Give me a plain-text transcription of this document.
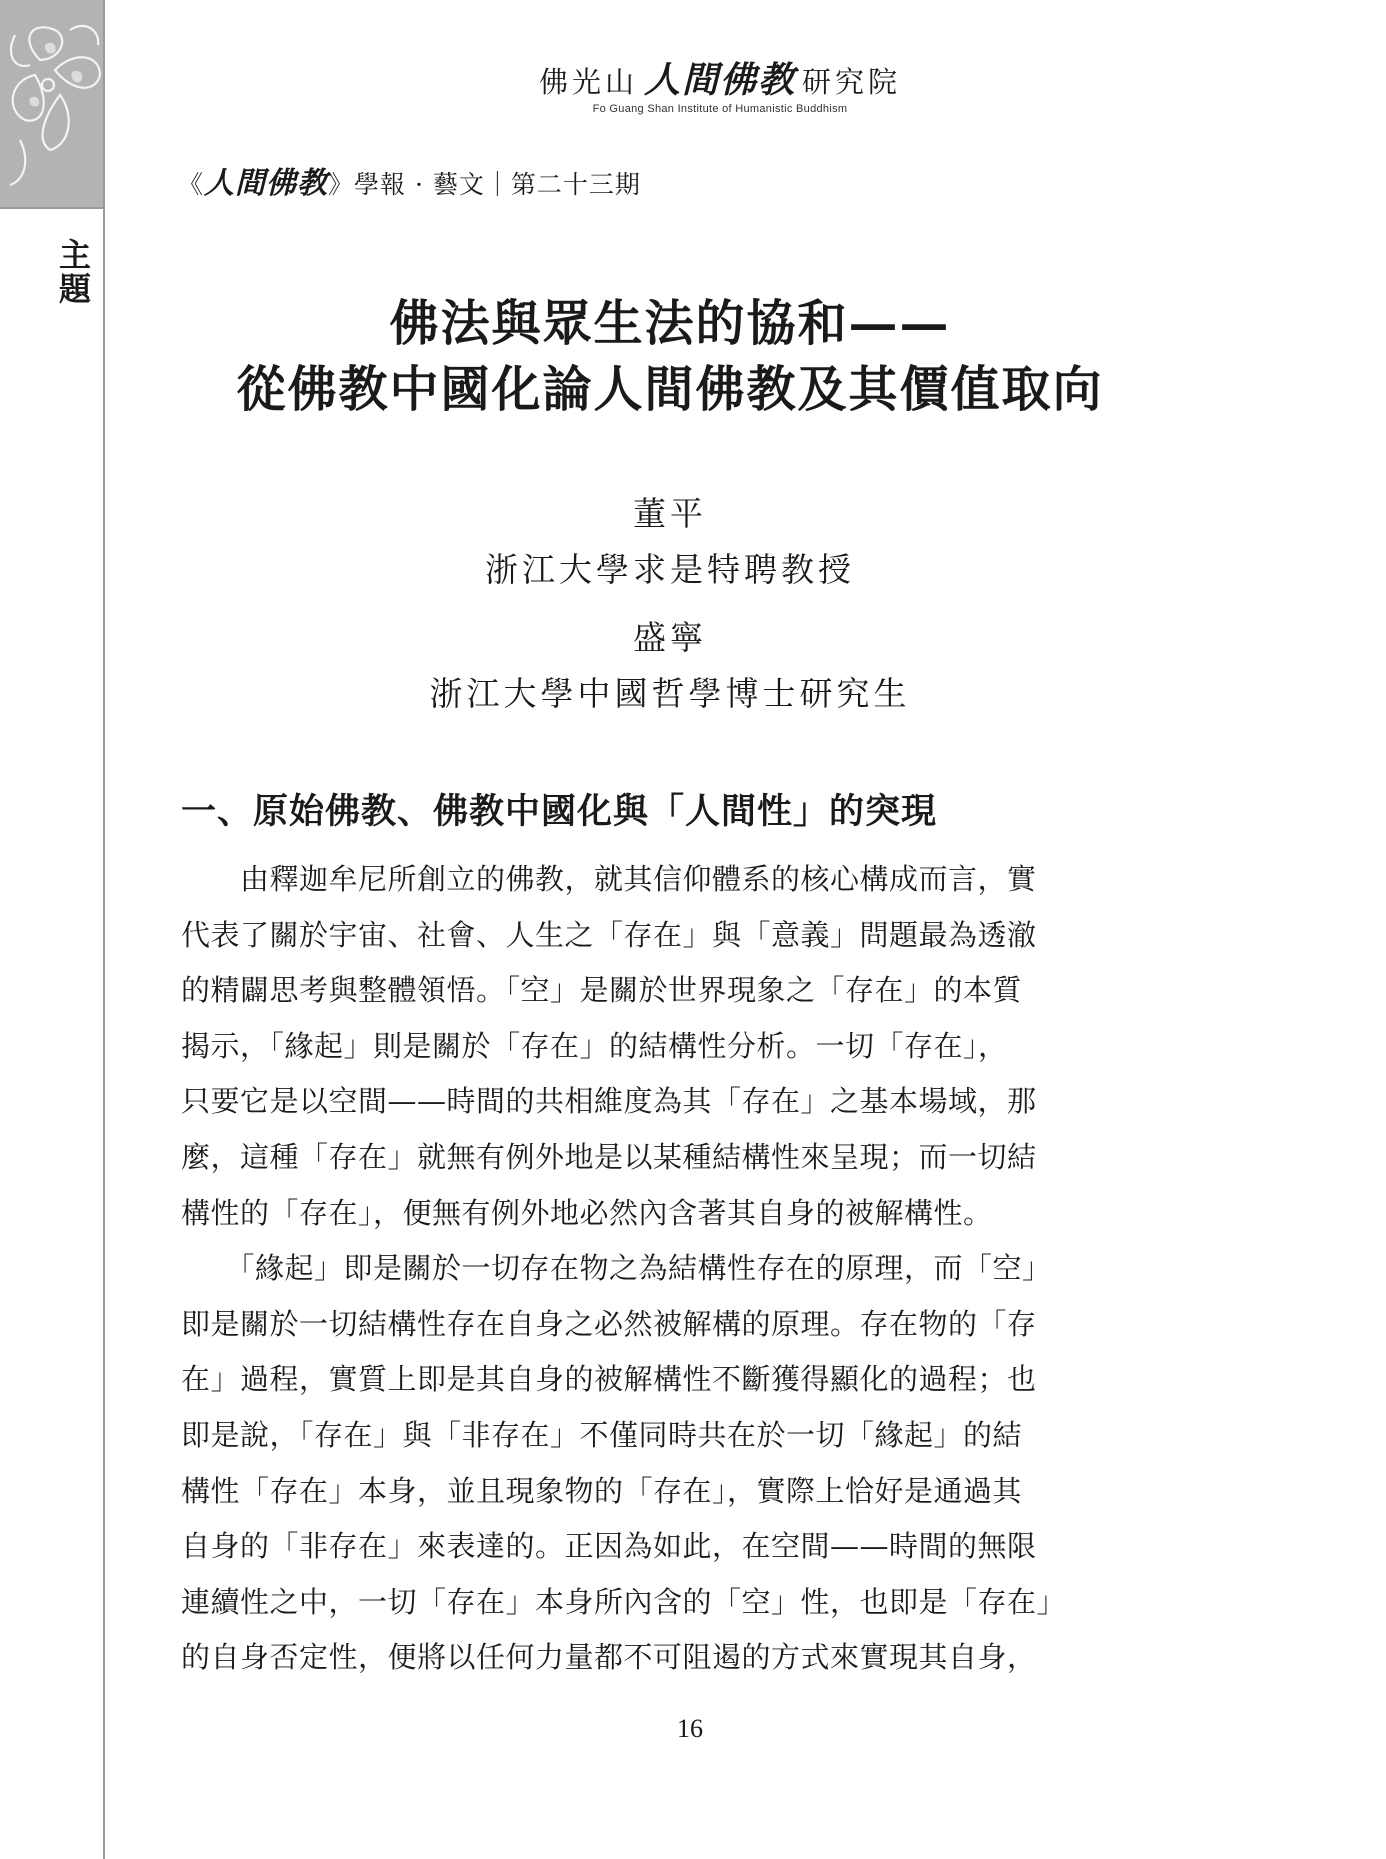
主題
佛光山 人間佛教 研究院
Fo Guang Shan Institute of Humanistic Buddhism
《人間佛教》學報 · 藝文｜第二十三期
佛法與眾生法的協和——
從佛教中國化論人間佛教及其價值取向
董平
浙江大學求是特聘教授
盛寧
浙江大學中國哲學博士研究生
一、原始佛教、佛教中國化與「人間性」的突現
　　由釋迦牟尼所創立的佛教，就其信仰體系的核心構成而言，實
代表了關於宇宙、社會、人生之「存在」與「意義」問題最為透澈
的精闢思考與整體領悟。「空」是關於世界現象之「存在」的本質
揭示，「緣起」則是關於「存在」的結構性分析。一切「存在」，
只要它是以空間——時間的共相維度為其「存在」之基本場域，那
麼，這種「存在」就無有例外地是以某種結構性來呈現；而一切結
構性的「存在」，便無有例外地必然內含著其自身的被解構性。
　　「緣起」即是關於一切存在物之為結構性存在的原理，而「空」
即是關於一切結構性存在自身之必然被解構的原理。存在物的「存
在」過程，實質上即是其自身的被解構性不斷獲得顯化的過程；也
即是說，「存在」與「非存在」不僅同時共在於一切「緣起」的結
構性「存在」本身，並且現象物的「存在」，實際上恰好是通過其
自身的「非存在」來表達的。正因為如此，在空間——時間的無限
連續性之中，一切「存在」本身所內含的「空」性，也即是「存在」
的自身否定性，便將以任何力量都不可阻遏的方式來實現其自身，
16
